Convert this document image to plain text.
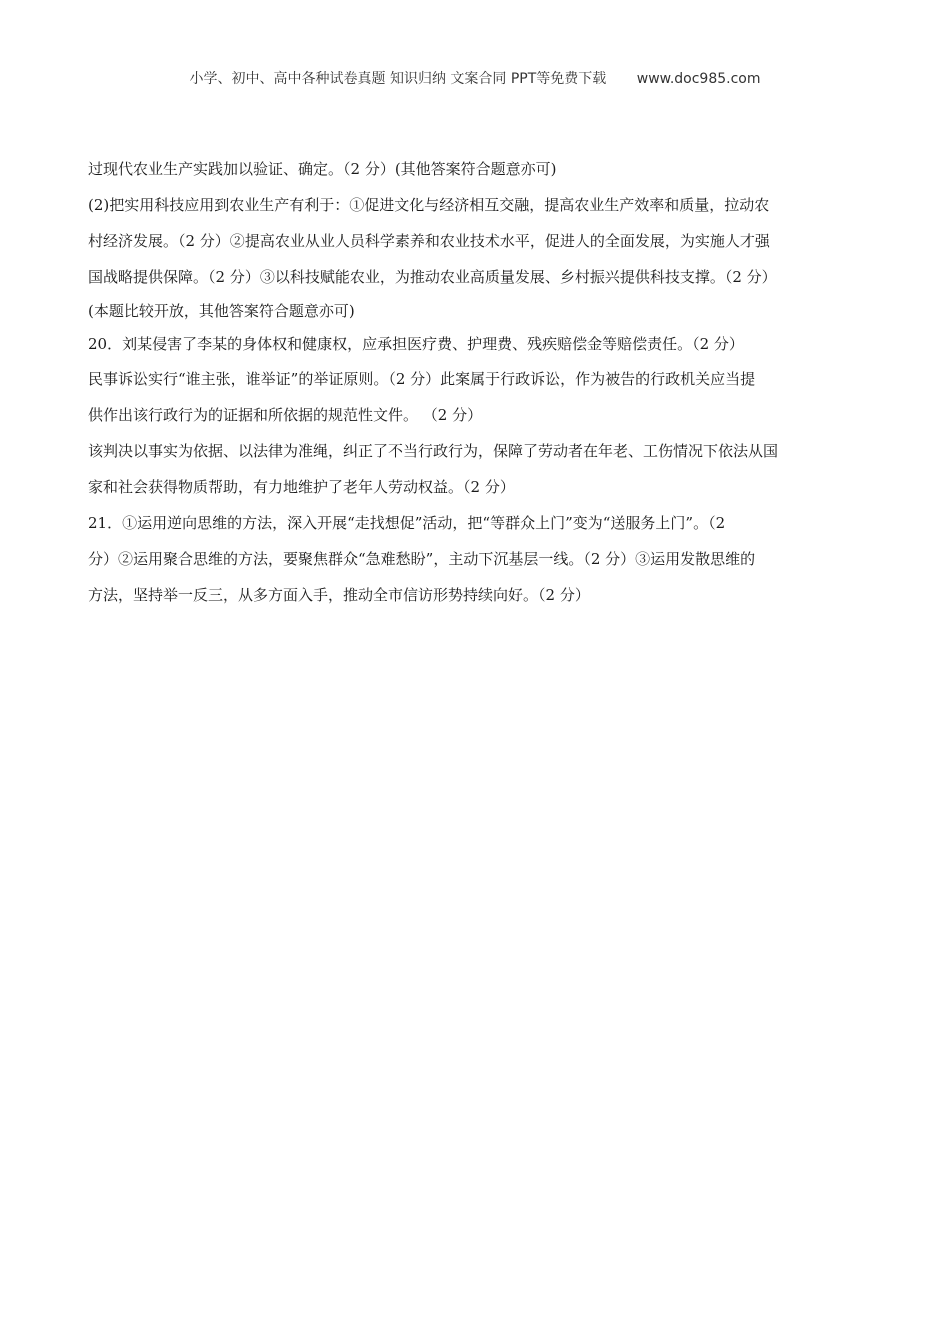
小学、初中、高中各种试卷真题 知识归纳 文案合同 PPT等免费下载 www.doc985.com
过现代农业生产实践加以验证、确定。（2 分）(其他答案符合题意亦可)
(2)把实用科技应用到农业生产有利于：①促进文化与经济相互交融，提高农业生产效率和质量，拉动农
村经济发展。（2 分）②提高农业从业人员科学素养和农业技术水平，促进人的全面发展，为实施人才强
国战略提供保障。（2 分）③以科技赋能农业，为推动农业高质量发展、乡村振兴提供科技支撑。（2 分）
(本题比较开放，其他答案符合题意亦可)
20．刘某侵害了李某的身体权和健康权，应承担医疗费、护理费、残疾赔偿金等赔偿责任。（2 分）
民事诉讼实行“谁主张，谁举证”的举证原则。（2 分）此案属于行政诉讼，作为被告的行政机关应当提
供作出该行政行为的证据和所依据的规范性文件。 （2 分）
该判决以事实为依据、以法律为准绳，纠正了不当行政行为，保障了劳动者在年老、工伤情况下依法从国
家和社会获得物质帮助，有力地维护了老年人劳动权益。（2 分）
21．①运用逆向思维的方法，深入开展“走找想促”活动，把“等群众上门”变为“送服务上门”。（2
分）②运用聚合思维的方法，要聚焦群众“急难愁盼”，主动下沉基层一线。（2 分）③运用发散思维的
方法，坚持举一反三，从多方面入手，推动全市信访形势持续向好。（2 分）
